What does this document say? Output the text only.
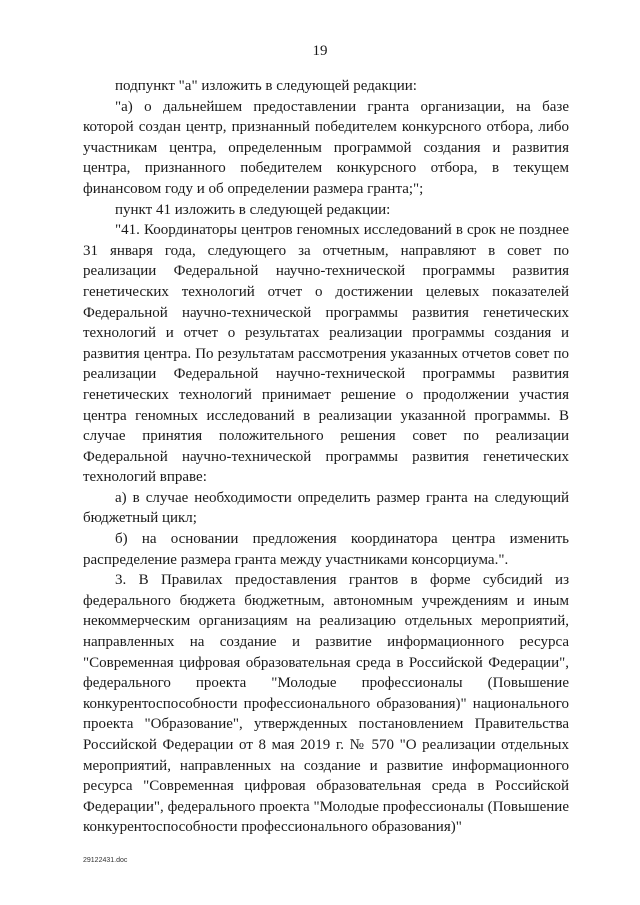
19

подпункт "а" изложить в следующей редакции:

"а) о дальнейшем предоставлении гранта организации, на базе которой создан центр, признанный победителем конкурсного отбора, либо участникам центра, определенным программой создания и развития центра, признанного победителем конкурсного отбора, в текущем финансовом году и об определении размера гранта;";

пункт 41 изложить в следующей редакции:

"41. Координаторы центров геномных исследований в срок не позднее 31 января года, следующего за отчетным, направляют в совет по реализации Федеральной научно-технической программы развития генетических технологий отчет о достижении целевых показателей Федеральной научно-технической программы развития генетических технологий и отчет о результатах реализации программы создания и развития центра. По результатам рассмотрения указанных отчетов совет по реализации Федеральной научно-технической программы развития генетических технологий принимает решение о продолжении участия центра геномных исследований в реализации указанной программы. В случае принятия положительного решения совет по реализации Федеральной научно-технической программы развития генетических технологий вправе:

а) в случае необходимости определить размер гранта на следующий бюджетный цикл;

б) на основании предложения координатора центра изменить распределение размера гранта между участниками консорциума.".

3. В Правилах предоставления грантов в форме субсидий из федерального бюджета бюджетным, автономным учреждениям и иным некоммерческим организациям на реализацию отдельных мероприятий, направленных на создание и развитие информационного ресурса "Современная цифровая образовательная среда в Российской Федерации", федерального проекта "Молодые профессионалы (Повышение конкурентоспособности профессионального образования)" национального проекта "Образование", утвержденных постановлением Правительства Российской Федерации от 8 мая 2019 г. № 570 "О реализации отдельных мероприятий, направленных на создание и развитие информационного ресурса "Современная цифровая образовательная среда в Российской Федерации", федерального проекта "Молодые профессионалы (Повышение конкурентоспособности профессионального образования)"

29122431.doc
